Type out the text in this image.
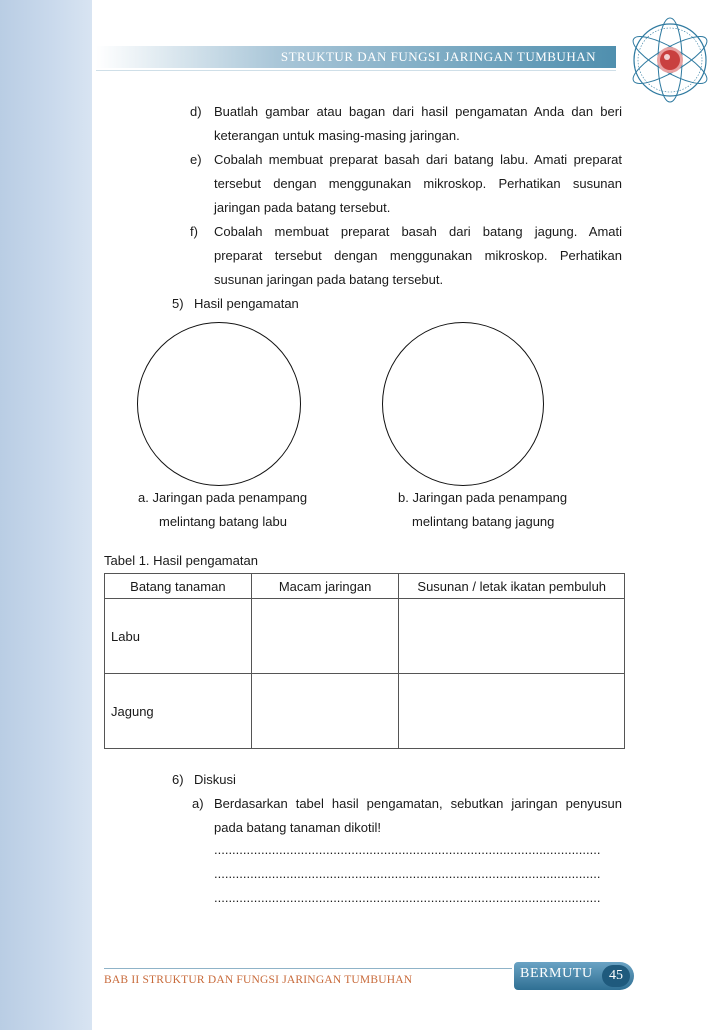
STRUKTUR DAN FUNGSI JARINGAN TUMBUHAN
d) Buatlah gambar atau bagan dari hasil pengamatan Anda dan beri
keterangan untuk masing-masing jaringan.
e) Cobalah membuat preparat basah dari batang labu. Amati preparat
tersebut dengan menggunakan mikroskop. Perhatikan susunan
jaringan pada batang tersebut.
f) Cobalah membuat preparat basah dari batang jagung. Amati
preparat tersebut dengan menggunakan mikroskop. Perhatikan
susunan jaringan pada batang tersebut.
5) Hasil pengamatan
a. Jaringan pada penampang
melintang batang labu
b. Jaringan pada penampang
melintang batang jagung
Tabel 1. Hasil pengamatan
Batang tanaman	Macam jaringan	Susunan / letak ikatan pembuluh
Labu		
Jagung		
6) Diskusi
a) Berdasarkan tabel hasil pengamatan, sebutkan jaringan penyusun
pada batang tanaman dikotil!
...........................................................................................................
...........................................................................................................
...........................................................................................................
BAB II STRUKTUR DAN FUNGSI JARINGAN TUMBUHAN	BERMUTU	45
